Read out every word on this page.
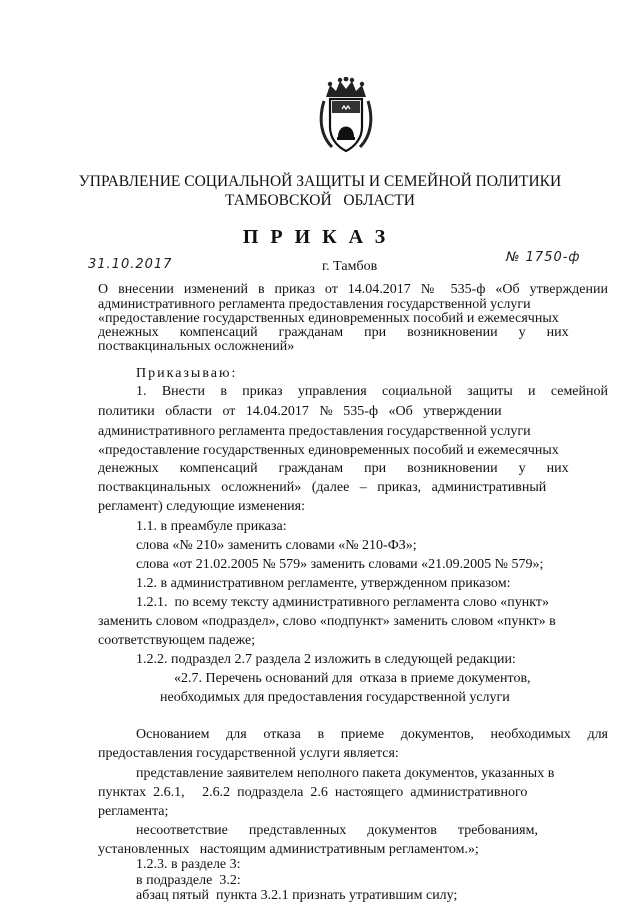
УПРАВЛЕНИЕ СОЦИАЛЬНОЙ ЗАЩИТЫ И СЕМЕЙНОЙ ПОЛИТИКИ
ТАМБОВСКОЙ   ОБЛАСТИ
ПРИКАЗ
31.10.2017	г. Тамбов
№ 1750-ф
О внесении изменений в приказ от 14.04.2017 № 535-ф «Об утверждении
административного регламента предоставления государственной услуги
«предоставление государственных единовременных пособий и ежемесячных
денежных      компенсаций      гражданам      при      возникновении      у      них
поствакцинальных осложнений»
Приказываю:
1. Внести в приказ управления социальной защиты и семейной
политики   области   от   14.04.2017   №   535-ф   «Об   утверждении
административного регламента предоставления государственной услуги
«предоставление государственных единовременных пособий и ежемесячных
денежных      компенсаций      гражданам      при      возникновении      у      них
поствакцинальных   осложнений»   (далее   –   приказ,   административный
регламент) следующие изменения:
1.1. в преамбуле приказа:
слова «№ 210» заменить словами «№ 210-ФЗ»;
слова «от 21.02.2005 № 579» заменить словами «21.09.2005 № 579»;
1.2. в административном регламенте, утвержденном приказом:
1.2.1.  по всему тексту административного регламента слово «пункт»
заменить словом «подраздел», слово «подпункт» заменить словом «пункт» в
соответствующем падеже;
1.2.2. подраздел 2.7 раздела 2 изложить в следующей редакции:
«2.7. Перечень оснований для  отказа в приеме документов,
необходимых для предоставления государственной услуги
Основанием для отказа в приеме документов, необходимых для
предоставления государственной услуги является:
представление заявителем неполного пакета документов, указанных в
пунктах  2.6.1,     2.6.2  подраздела  2.6  настоящего  административного
регламента;
несоответствие      представленных      документов      требованиям,
установленных   настоящим административным регламентом.»;
1.2.3. в разделе 3:
в подразделе  3.2:
абзац пятый  пункта 3.2.1 признать утратившим силу;
